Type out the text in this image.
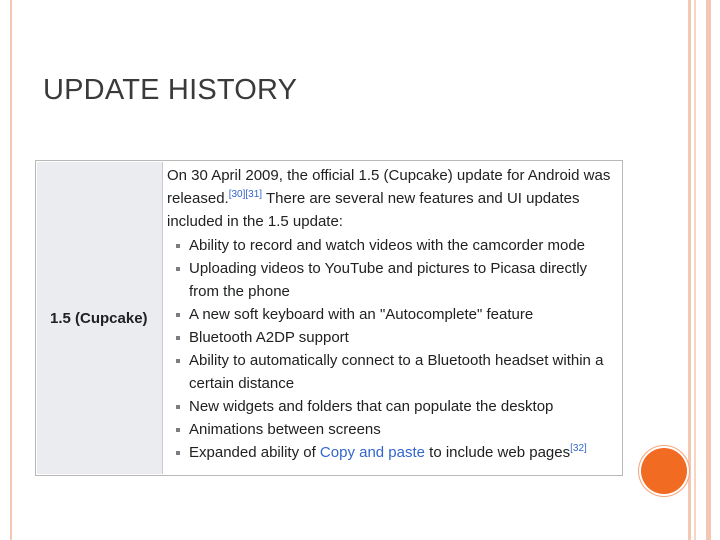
UPDATE HISTORY
1.5 (Cupcake)

On 30 April 2009, the official 1.5 (Cupcake) update for Android was released.[30][31] There are several new features and UI updates included in the 1.5 update:

Ability to record and watch videos with the camcorder mode
Uploading videos to YouTube and pictures to Picasa directly from the phone
A new soft keyboard with an "Autocomplete" feature
Bluetooth A2DP support
Ability to automatically connect to a Bluetooth headset within a certain distance
New widgets and folders that can populate the desktop
Animations between screens
Expanded ability of Copy and paste to include web pages[32]
